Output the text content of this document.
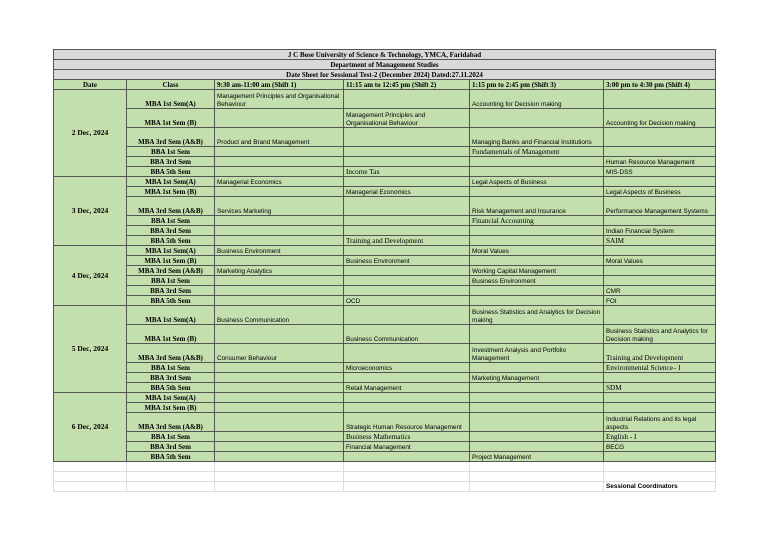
J C Bose University of Science & Technology, YMCA, Faridabad					
Department of Management Studies					
Date Sheet for Sessional Test-2 (December 2024) Dated:27.11.2024					
Date	Class	9:30 am-11:00 am (Shift 1)	11:15 am to 12:45 pm (Shift 2)	1:15 pm to 2:45 pm (Shift 3)	3:00 pm to 4:30 pm (Shift 4)
2 Dec, 2024	MBA 1st Sem(A)	Management Principles and Organisational Behaviour		Accounting for Decision making	
	MBA 1st Sem (B)		Management Principles and Organisational Behaviour		Accounting for Decision making
	MBA 3rd Sem (A&B)	Product and Brand Management		Managing Banks and Financial Institutions	
	BBA 1st Sem			Fundamentals of Management	
	BBA 3rd Sem				Human Resource Management
	BBA 5th Sem		Income Tax		MIS-DSS
3 Dec, 2024	MBA 1st Sem(A)	Managerial Economics		Legal Aspects of Business	
	MBA 1st Sem (B)		Managerial Economics		Legal Aspects of Business
	MBA 3rd Sem (A&B)	Services Marketing		Risk Management and Insurance	Performance Management Systems
	BBA 1st Sem			Financial Accounting	
	BBA 3rd Sem				Indian Financial System
	BBA 5th Sem		Training and Development		SAIM
4 Dec, 2024	MBA 1st Sem(A)	Business Environment		Moral Values	
	MBA 1st Sem (B)		Business Environment		Moral Values
	MBA 3rd Sem (A&B)	Marketing Analytics		Working Capital Management	
	BBA 1st Sem			Business Environment	
	BBA 3rd Sem				CMR
	BBA 5th Sem		OCD		FOI
5 Dec, 2024	MBA 1st Sem(A)	Business Communication		Business Statistics and Analytics for Decision making	
	MBA 1st Sem (B)		Business Communication		Business Statistics and Analytics for Decision making
	MBA 3rd Sem (A&B)	Consumer Behaviour		Investment Analysis and Portfolio Management	Training and Development
	BBA 1st Sem		Microeconomics		Environmental Science– I
	BBA 3rd Sem			Marketing Management	
	BBA 5th Sem		Retail Management		SDM
6 Dec, 2024	MBA 1st Sem(A)				
	MBA 1st Sem (B)				
	MBA 3rd Sem (A&B)		Strategic Human Resource Management		Industrial Relations and its legal aspects
	BBA 1st Sem		Business Mathematics		English - I
	BBA 3rd Sem		Financial Management		BECG
	BBA 5th Sem			Project Management	

					Sessional Coordinators
